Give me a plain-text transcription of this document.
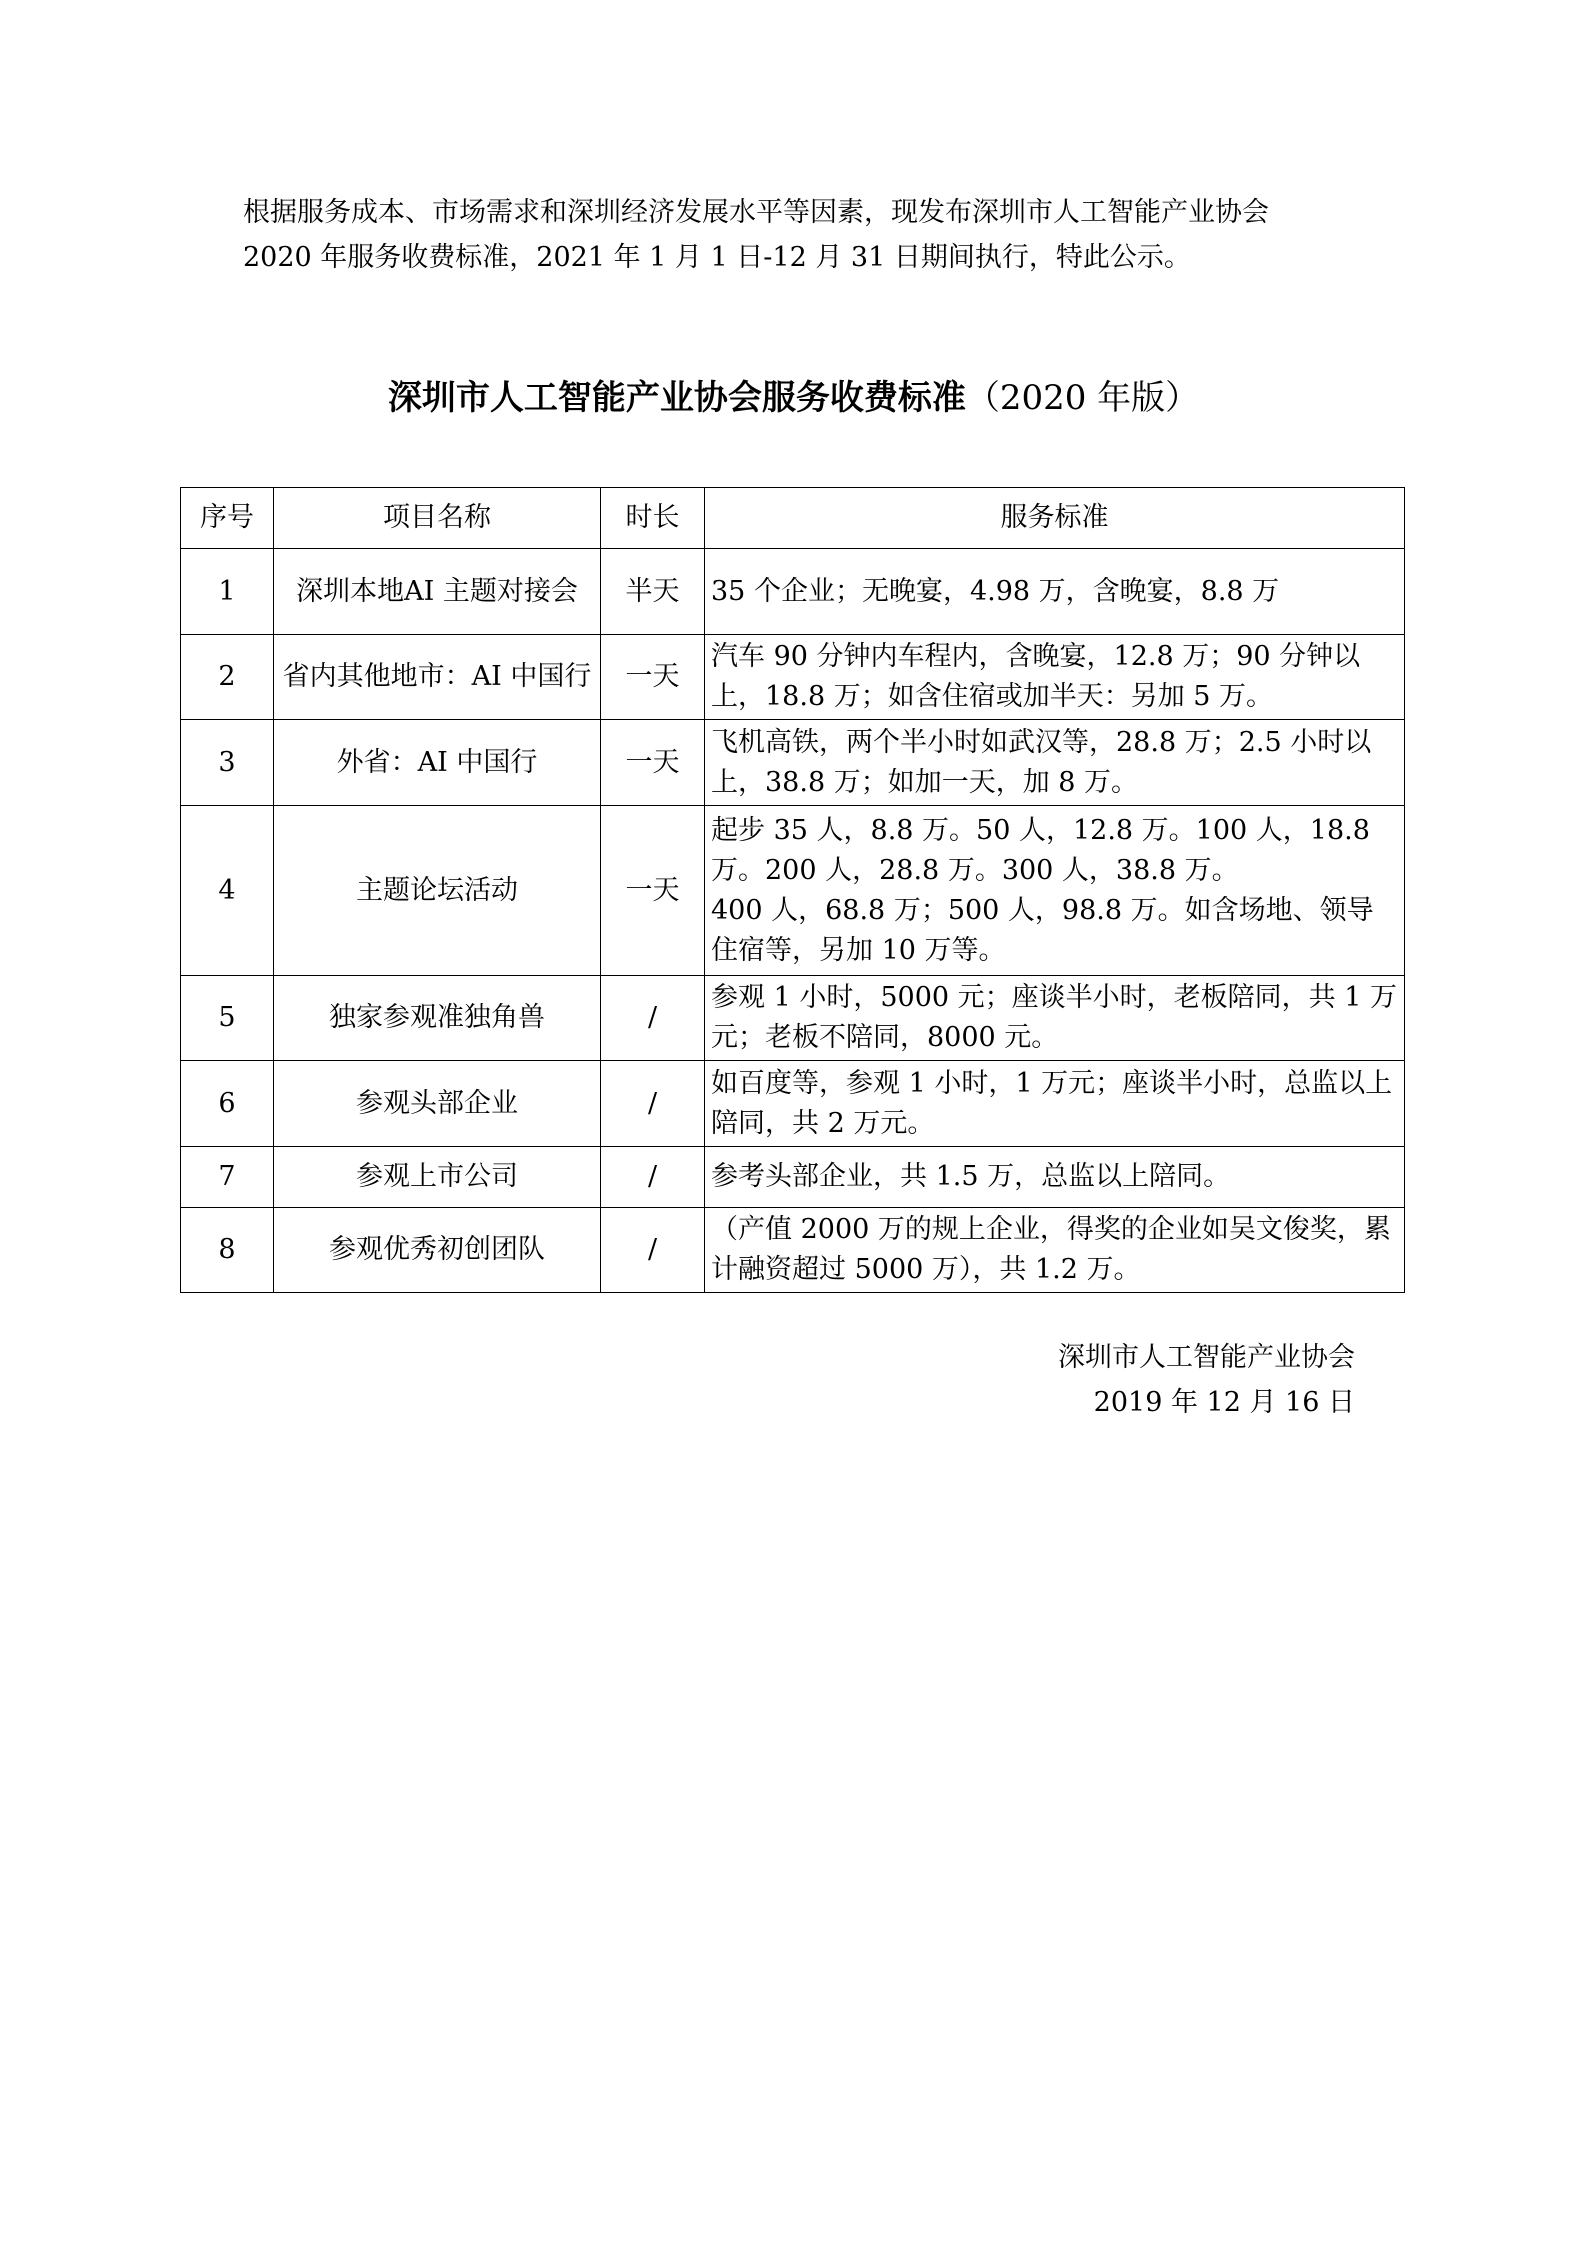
根据服务成本、市场需求和深圳经济发展水平等因素，现发布深圳市人工智能产业协会

2020 年服务收费标准，2021 年 1 月 1 日-12 月 31 日期间执行，特此公示。

深圳市人工智能产业协会服务收费标准（2020 年版）
序号	项目名称	时长	服务标准
1	深圳本地AI 主题对接会	半天	35 个企业；无晚宴，4.98 万，含晚宴，8.8 万

2	省内其他地市：AI 中国行	一天	汽车 90 分钟内车程内，含晚宴，12.8 万；90 分钟以上，18.8 万；如含住宿或加半天：另加 5 万。

3	外省：AI 中国行	一天	飞机高铁，两个半小时如武汉等，28.8 万；2.5 小时以上，38.8 万；如加一天，加 8 万。

4	主题论坛活动	一天	起步 35 人，8.8 万。50 人，12.8 万。100 人，18.8 万。200 人，28.8 万。300 人，38.8 万。
400 人，68.8 万；500 人，98.8 万。如含场地、领导住宿等，另加 10 万等。

5	独家参观准独角兽	/	参观 1 小时，5000 元；座谈半小时，老板陪同，共 1 万元；老板不陪同，8000 元。

6	参观头部企业	/	如百度等，参观 1 小时，1 万元；座谈半小时，总监以上陪同，共 2 万元。

7	参观上市公司	/	参考头部企业，共 1.5 万，总监以上陪同。

8	参观优秀初创团队	/	（产值 2000 万的规上企业，得奖的企业如吴文俊奖，累计融资超过 5000 万），共 1.2 万。
深圳市人工智能产业协会
2019 年 12 月 16 日
